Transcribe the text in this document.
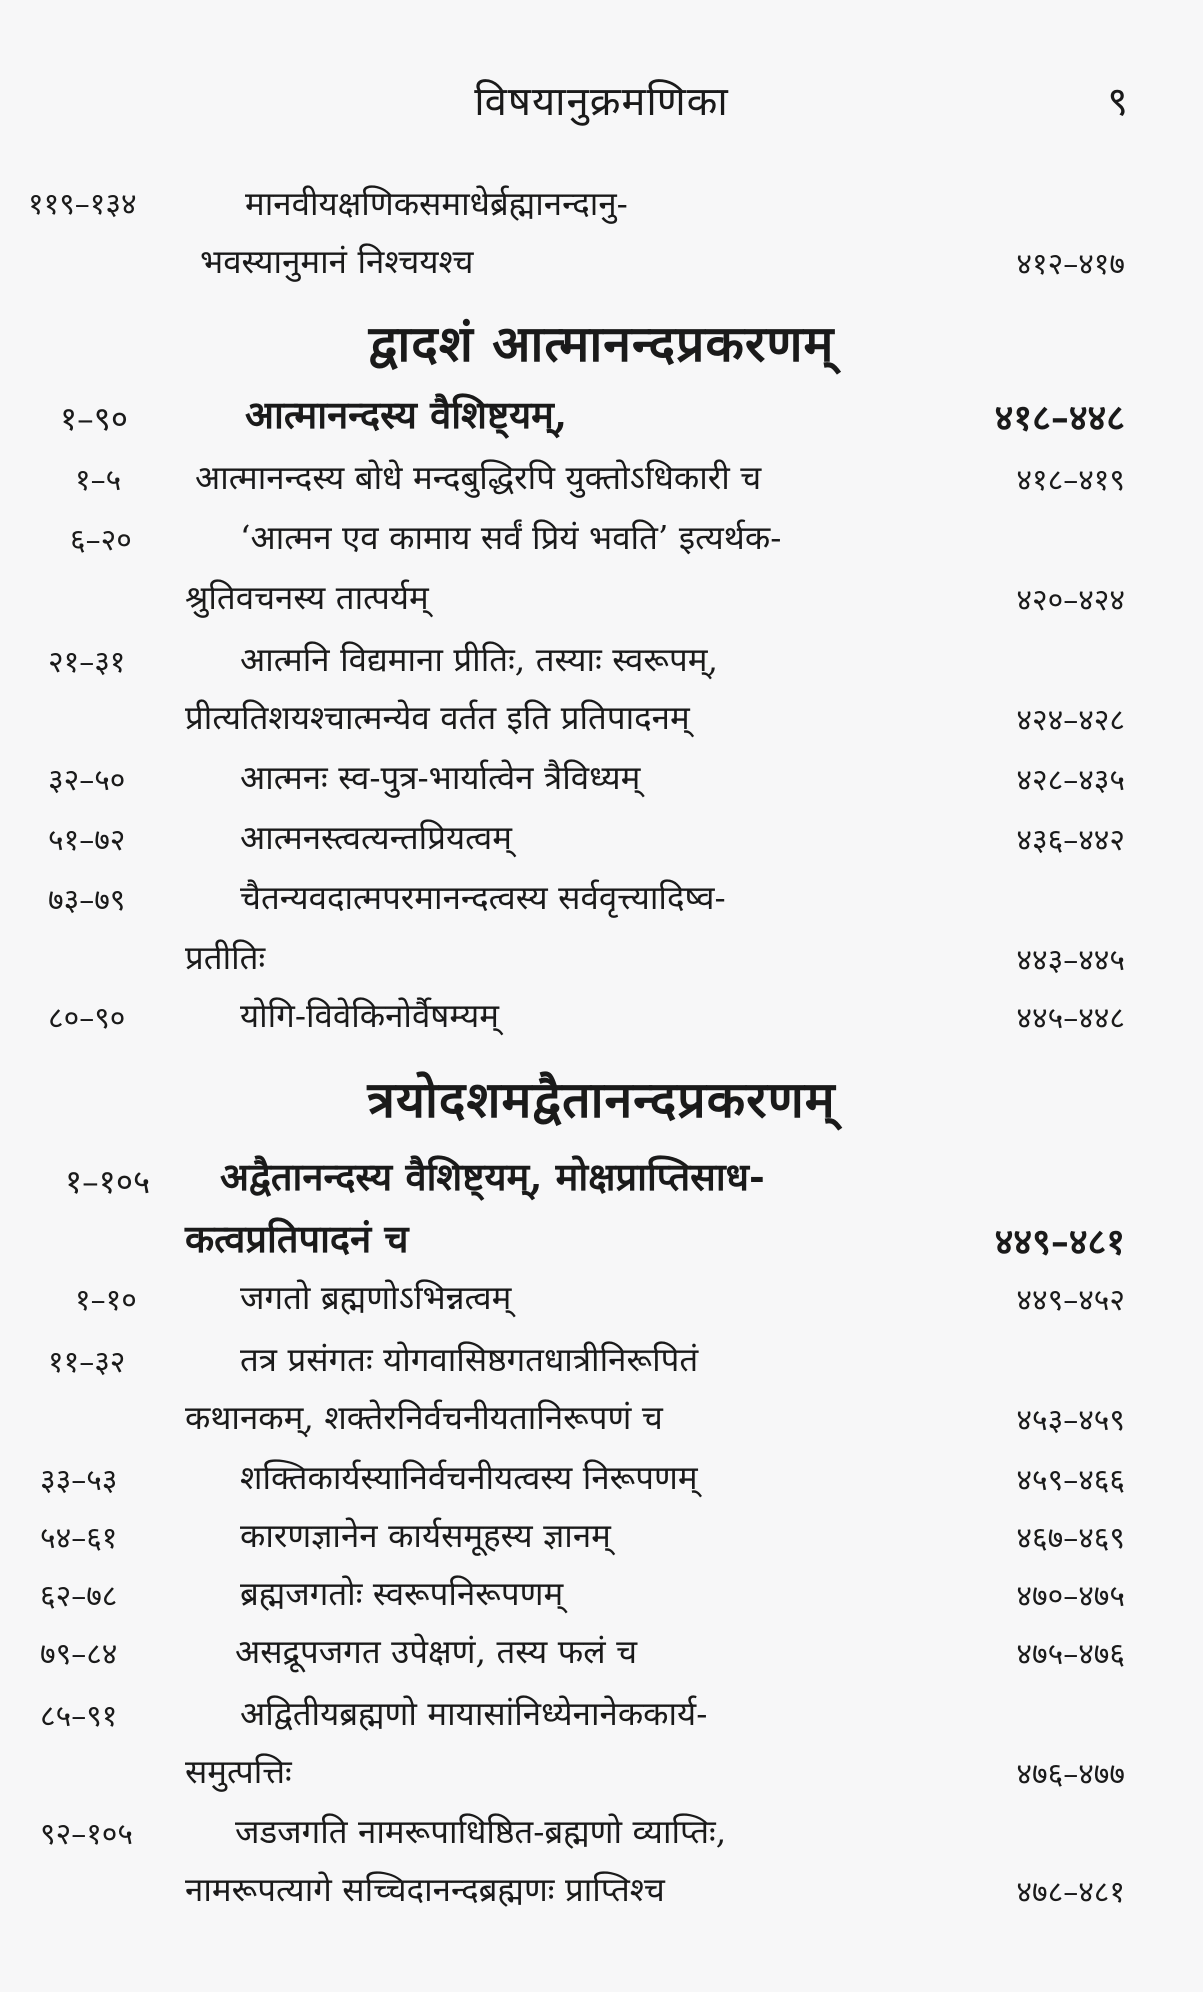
विषयानुक्रमणिका	९
११९–१३४	मानवीयक्षणिकसमाधेर्ब्रह्मानन्दानु-
भवस्यानुमानं निश्चयश्च	४१२–४१७
द्वादशं आत्मानन्दप्रकरणम्
१–९०	आत्मानन्दस्य वैशिष्ट्यम्,	४१८–४४८
१–५ आत्मानन्दस्य बोधे मन्दबुद्धिरपि युक्तोऽधिकारी च	४१८–४१९
६–२०	‘आत्मन एव कामाय सर्वं प्रियं भवति’ इत्यर्थक-
श्रुतिवचनस्य तात्पर्यम्	४२०–४२४
२१–३१	आत्मनि विद्यमाना प्रीतिः, तस्याः स्वरूपम्,
प्रीत्यतिशयश्चात्मन्येव वर्तत इति प्रतिपादनम्	४२४–४२८
३२–५०	आत्मनः स्व-पुत्र-भार्यात्वेन त्रैविध्यम्	४२८–४३५
५१–७२	आत्मनस्त्वत्यन्तप्रियत्वम्	४३६–४४२
७३–७९	चैतन्यवदात्मपरमानन्दत्वस्य सर्ववृत्त्यादिष्व-
प्रतीतिः	४४३–४४५
८०–९०	योगि-विवेकिनोर्वैषम्यम्	४४५–४४८
त्रयोदशमद्वैतानन्दप्रकरणम्
१–१०५ अद्वैतानन्दस्य वैशिष्ट्यम्, मोक्षप्राप्तिसाध-
कत्वप्रतिपादनं च	४४९–४८१
१–१०	जगतो ब्रह्मणोऽभिन्नत्वम्	४४९–४५२
११–३२	तत्र प्रसंगतः योगवासिष्ठगतधात्रीनिरूपितं
कथानकम्, शक्तेरनिर्वचनीयतानिरूपणं च	४५३–४५९
३३–५३	शक्तिकार्यस्यानिर्वचनीयत्वस्य निरूपणम्	४५९–४६६
५४–६१	कारणज्ञानेन कार्यसमूहस्य ज्ञानम्	४६७–४६९
६२–७८	ब्रह्मजगतोः स्वरूपनिरूपणम्	४७०–४७५
७९–८४	असद्रूपजगत उपेक्षणं, तस्य फलं च	४७५–४७६
८५–९१	अद्वितीयब्रह्मणो मायासांनिध्येनानेककार्य-
समुत्पत्तिः	४७६–४७७
९२–१०५	जडजगति नामरूपाधिष्ठित-ब्रह्मणो व्याप्तिः,
नामरूपत्यागे सच्चिदानन्दब्रह्मणः प्राप्तिश्च	४७८–४८१
